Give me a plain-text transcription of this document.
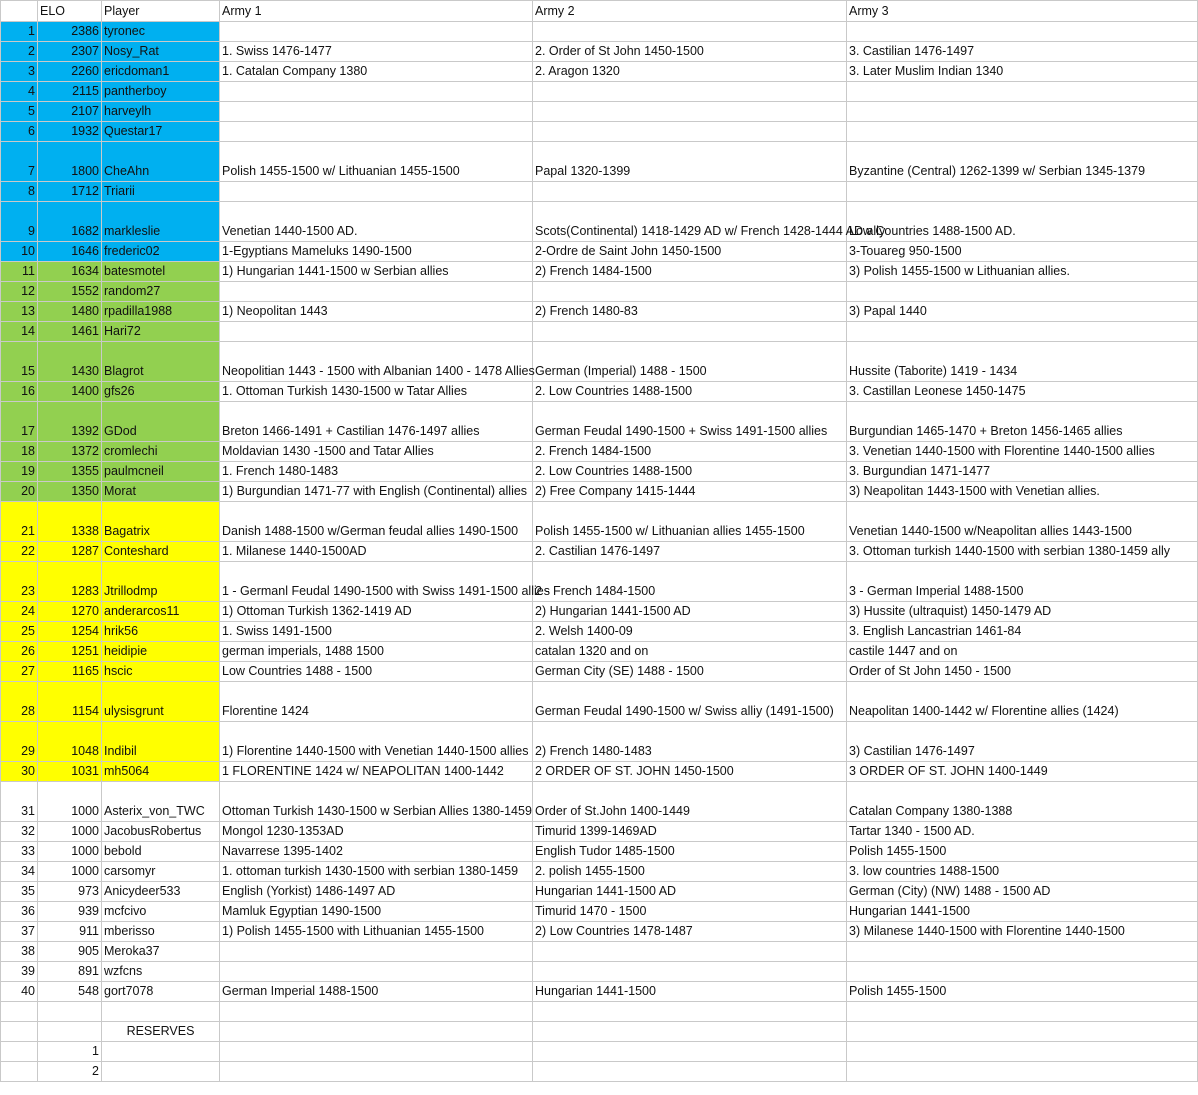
	ELO	Player	Army 1	Army 2	Army 3
1	2386	tyronec			
2	2307	Nosy_Rat	1. Swiss 1476-1477	2. Order of St John 1450-1500	3. Castilian 1476-1497
3	2260	ericdoman1	1. Catalan Company 1380	2. Aragon 1320	3. Later Muslim Indian 1340
4	2115	pantherboy			
5	2107	harveylh			
6	1932	Questar17			
7	1800	CheAhn	Polish 1455-1500 w/ Lithuanian 1455-1500	Papal 1320-1399	Byzantine (Central) 1262-1399 w/ Serbian 1345-1379
8	1712	Triarii			
9	1682	markleslie	Venetian 1440-1500 AD.	Scots(Continental) 1418-1429 AD w/ French 1428-1444 AD ally	Low Countries 1488-1500 AD.
10	1646	frederic02	1-Egyptians Mameluks 1490-1500	2-Ordre de Saint John 1450-1500	3-Touareg 950-1500
11	1634	batesmotel	1) Hungarian 1441-1500 w Serbian allies	2) French 1484-1500	3) Polish 1455-1500 w Lithuanian allies.
12	1552	random27			
13	1480	rpadilla1988	1) Neopolitan 1443	2) French 1480-83	3) Papal 1440
14	1461	Hari72			
15	1430	Blagrot	Neopolitian 1443 - 1500 with Albanian 1400 - 1478 Allies	German (Imperial) 1488 - 1500	Hussite (Taborite) 1419 - 1434
16	1400	gfs26	1. Ottoman Turkish 1430-1500 w Tatar Allies	2. Low Countries 1488-1500	3. Castillan Leonese 1450-1475
17	1392	GDod	Breton 1466-1491 + Castilian 1476-1497 allies	German Feudal 1490-1500 + Swiss 1491-1500 allies	Burgundian 1465-1470 + Breton 1456-1465 allies
18	1372	cromlechi	Moldavian 1430 -1500 and Tatar Allies	2. French 1484-1500	3. Venetian 1440-1500 with Florentine 1440-1500 allies
19	1355	paulmcneil	1. French 1480-1483	2. Low Countries 1488-1500	3. Burgundian 1471-1477
20	1350	Morat	1) Burgundian 1471-77 with English (Continental) allies	2) Free Company 1415-1444	3) Neapolitan 1443-1500 with Venetian allies.
21	1338	Bagatrix	Danish 1488-1500 w/German feudal allies 1490-1500	Polish 1455-1500 w/ Lithuanian allies 1455-1500	Venetian 1440-1500 w/Neapolitan allies 1443-1500
22	1287	Conteshard	1. Milanese 1440-1500AD	2. Castilian 1476-1497	3. Ottoman turkish 1440-1500 with serbian 1380-1459 ally
23	1283	Jtrillodmp	1 - Germanl Feudal 1490-1500 with Swiss 1491-1500 allies	2 - French 1484-1500	3 - German Imperial 1488-1500
24	1270	anderarcos11	1) Ottoman Turkish 1362-1419 AD	2) Hungarian 1441-1500 AD	3) Hussite (ultraquist) 1450-1479 AD
25	1254	hrik56	1. Swiss 1491-1500	2. Welsh 1400-09	3. English Lancastrian 1461-84
26	1251	heidipie	german imperials, 1488 1500	catalan 1320 and on	castile 1447 and on
27	1165	hscic	Low Countries 1488 - 1500	German City (SE) 1488 - 1500	Order of St John 1450 - 1500
28	1154	ulysisgrunt	Florentine 1424	German Feudal 1490-1500 w/ Swiss alliy (1491-1500)	Neapolitan 1400-1442 w/ Florentine allies (1424)
29	1048	Indibil	1) Florentine 1440-1500 with Venetian 1440-1500 allies	2) French 1480-1483	3) Castilian 1476-1497
30	1031	mh5064	1 FLORENTINE 1424 w/ NEAPOLITAN 1400-1442	2 ORDER OF ST. JOHN 1450-1500	3 ORDER OF ST. JOHN 1400-1449
31	1000	Asterix_von_TWC	Ottoman Turkish 1430-1500 w Serbian Allies 1380-1459	Order of St.John 1400-1449	Catalan Company 1380-1388
32	1000	JacobusRobertus	Mongol 1230-1353AD	Timurid 1399-1469AD	Tartar 1340 - 1500 AD.
33	1000	bebold	Navarrese 1395-1402	English Tudor 1485-1500	Polish 1455-1500
34	1000	carsomyr	1. ottoman turkish 1430-1500 with serbian 1380-1459	2. polish 1455-1500	3. low countries 1488-1500
35	973	Anicydeer533	English (Yorkist) 1486-1497 AD	Hungarian 1441-1500 AD	German (City) (NW) 1488 - 1500 AD
36	939	mcfcivo	Mamluk Egyptian 1490-1500	Timurid 1470 - 1500	Hungarian 1441-1500
37	911	mberisso	1) Polish 1455-1500 with Lithuanian 1455-1500	2) Low Countries 1478-1487	3) Milanese 1440-1500 with Florentine 1440-1500
38	905	Meroka37			
39	891	wzfcns			
40	548	gort7078	German Imperial 1488-1500	Hungarian 1441-1500	Polish 1455-1500

		RESERVES			
	1				
	2				
